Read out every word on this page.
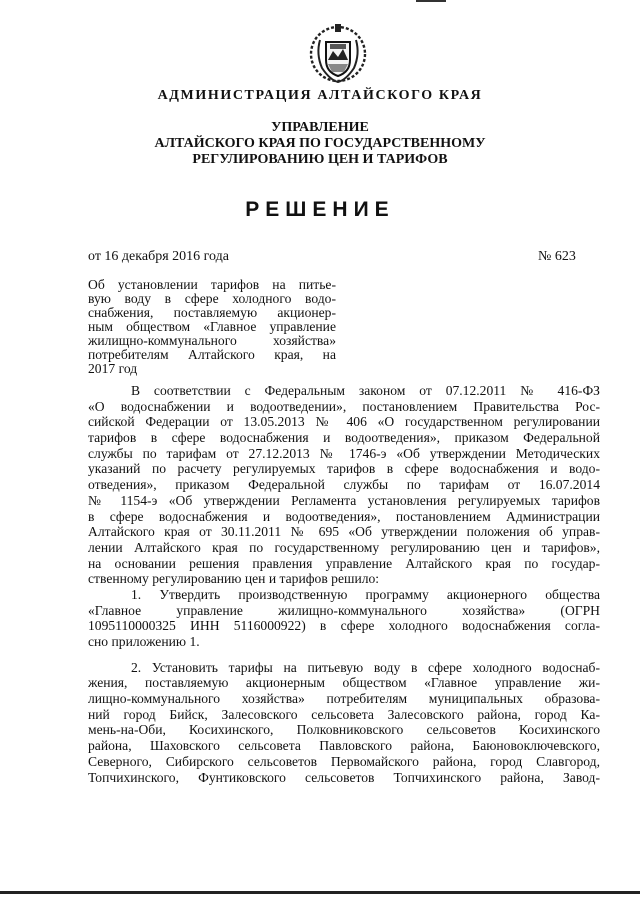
АДМИНИСТРАЦИЯ АЛТАЙСКОГО КРАЯ
УПРАВЛЕНИЕ
АЛТАЙСКОГО КРАЯ ПО ГОСУДАРСТВЕННОМУ
РЕГУЛИРОВАНИЮ ЦЕН И ТАРИФОВ
РЕШЕНИЕ
от 16 декабря 2016 года	№ 623
Об установлении тарифов на питье-
вую воду в сфере холодного водо-
снабжения, поставляемую акционер-
ным обществом «Главное управление
жилищно-коммунального хозяйства»
потребителям Алтайского края, на
2017 год
В соответствии с Федеральным законом от 07.12.2011 № 416-ФЗ
«О водоснабжении и водоотведении», постановлением Правительства Рос-
сийской Федерации от 13.05.2013 № 406 «О государственном регулировании
тарифов в сфере водоснабжения и водоотведения», приказом Федеральной
службы по тарифам от 27.12.2013 № 1746-э «Об утверждении Методических
указаний по расчету регулируемых тарифов в сфере водоснабжения и водо-
отведения», приказом Федеральной службы по тарифам от 16.07.2014
№ 1154-э «Об утверждении Регламента установления регулируемых тарифов
в сфере водоснабжения и водоотведения», постановлением Администрации
Алтайского края от 30.11.2011 № 695 «Об утверждении положения об управ-
лении Алтайского края по государственному регулированию цен и тарифов»,
на основании решения правления управление Алтайского края по государ-
ственному регулированию цен и тарифов решило:
1. Утвердить производственную программу акционерного общества
«Главное управление жилищно-коммунального хозяйства» (ОГРН
1095110000325 ИНН 5116000922) в сфере холодного водоснабжения согла-
сно приложению 1.
2. Установить тарифы на питьевую воду в сфере холодного водоснаб-
жения, поставляемую акционерным обществом «Главное управление жи-
лищно-коммунального хозяйства» потребителям муниципальных образова-
ний город Бийск, Залесовского сельсовета Залесовского района, город Ка-
мень-на-Оби, Косихинского, Полковниковского сельсоветов Косихинского
района, Шаховского сельсовета Павловского района, Баюновоключевского,
Северного, Сибирского сельсоветов Первомайского района, город Славгород,
Топчихинского, Фунтиковского сельсоветов Топчихинского района, Завод-
